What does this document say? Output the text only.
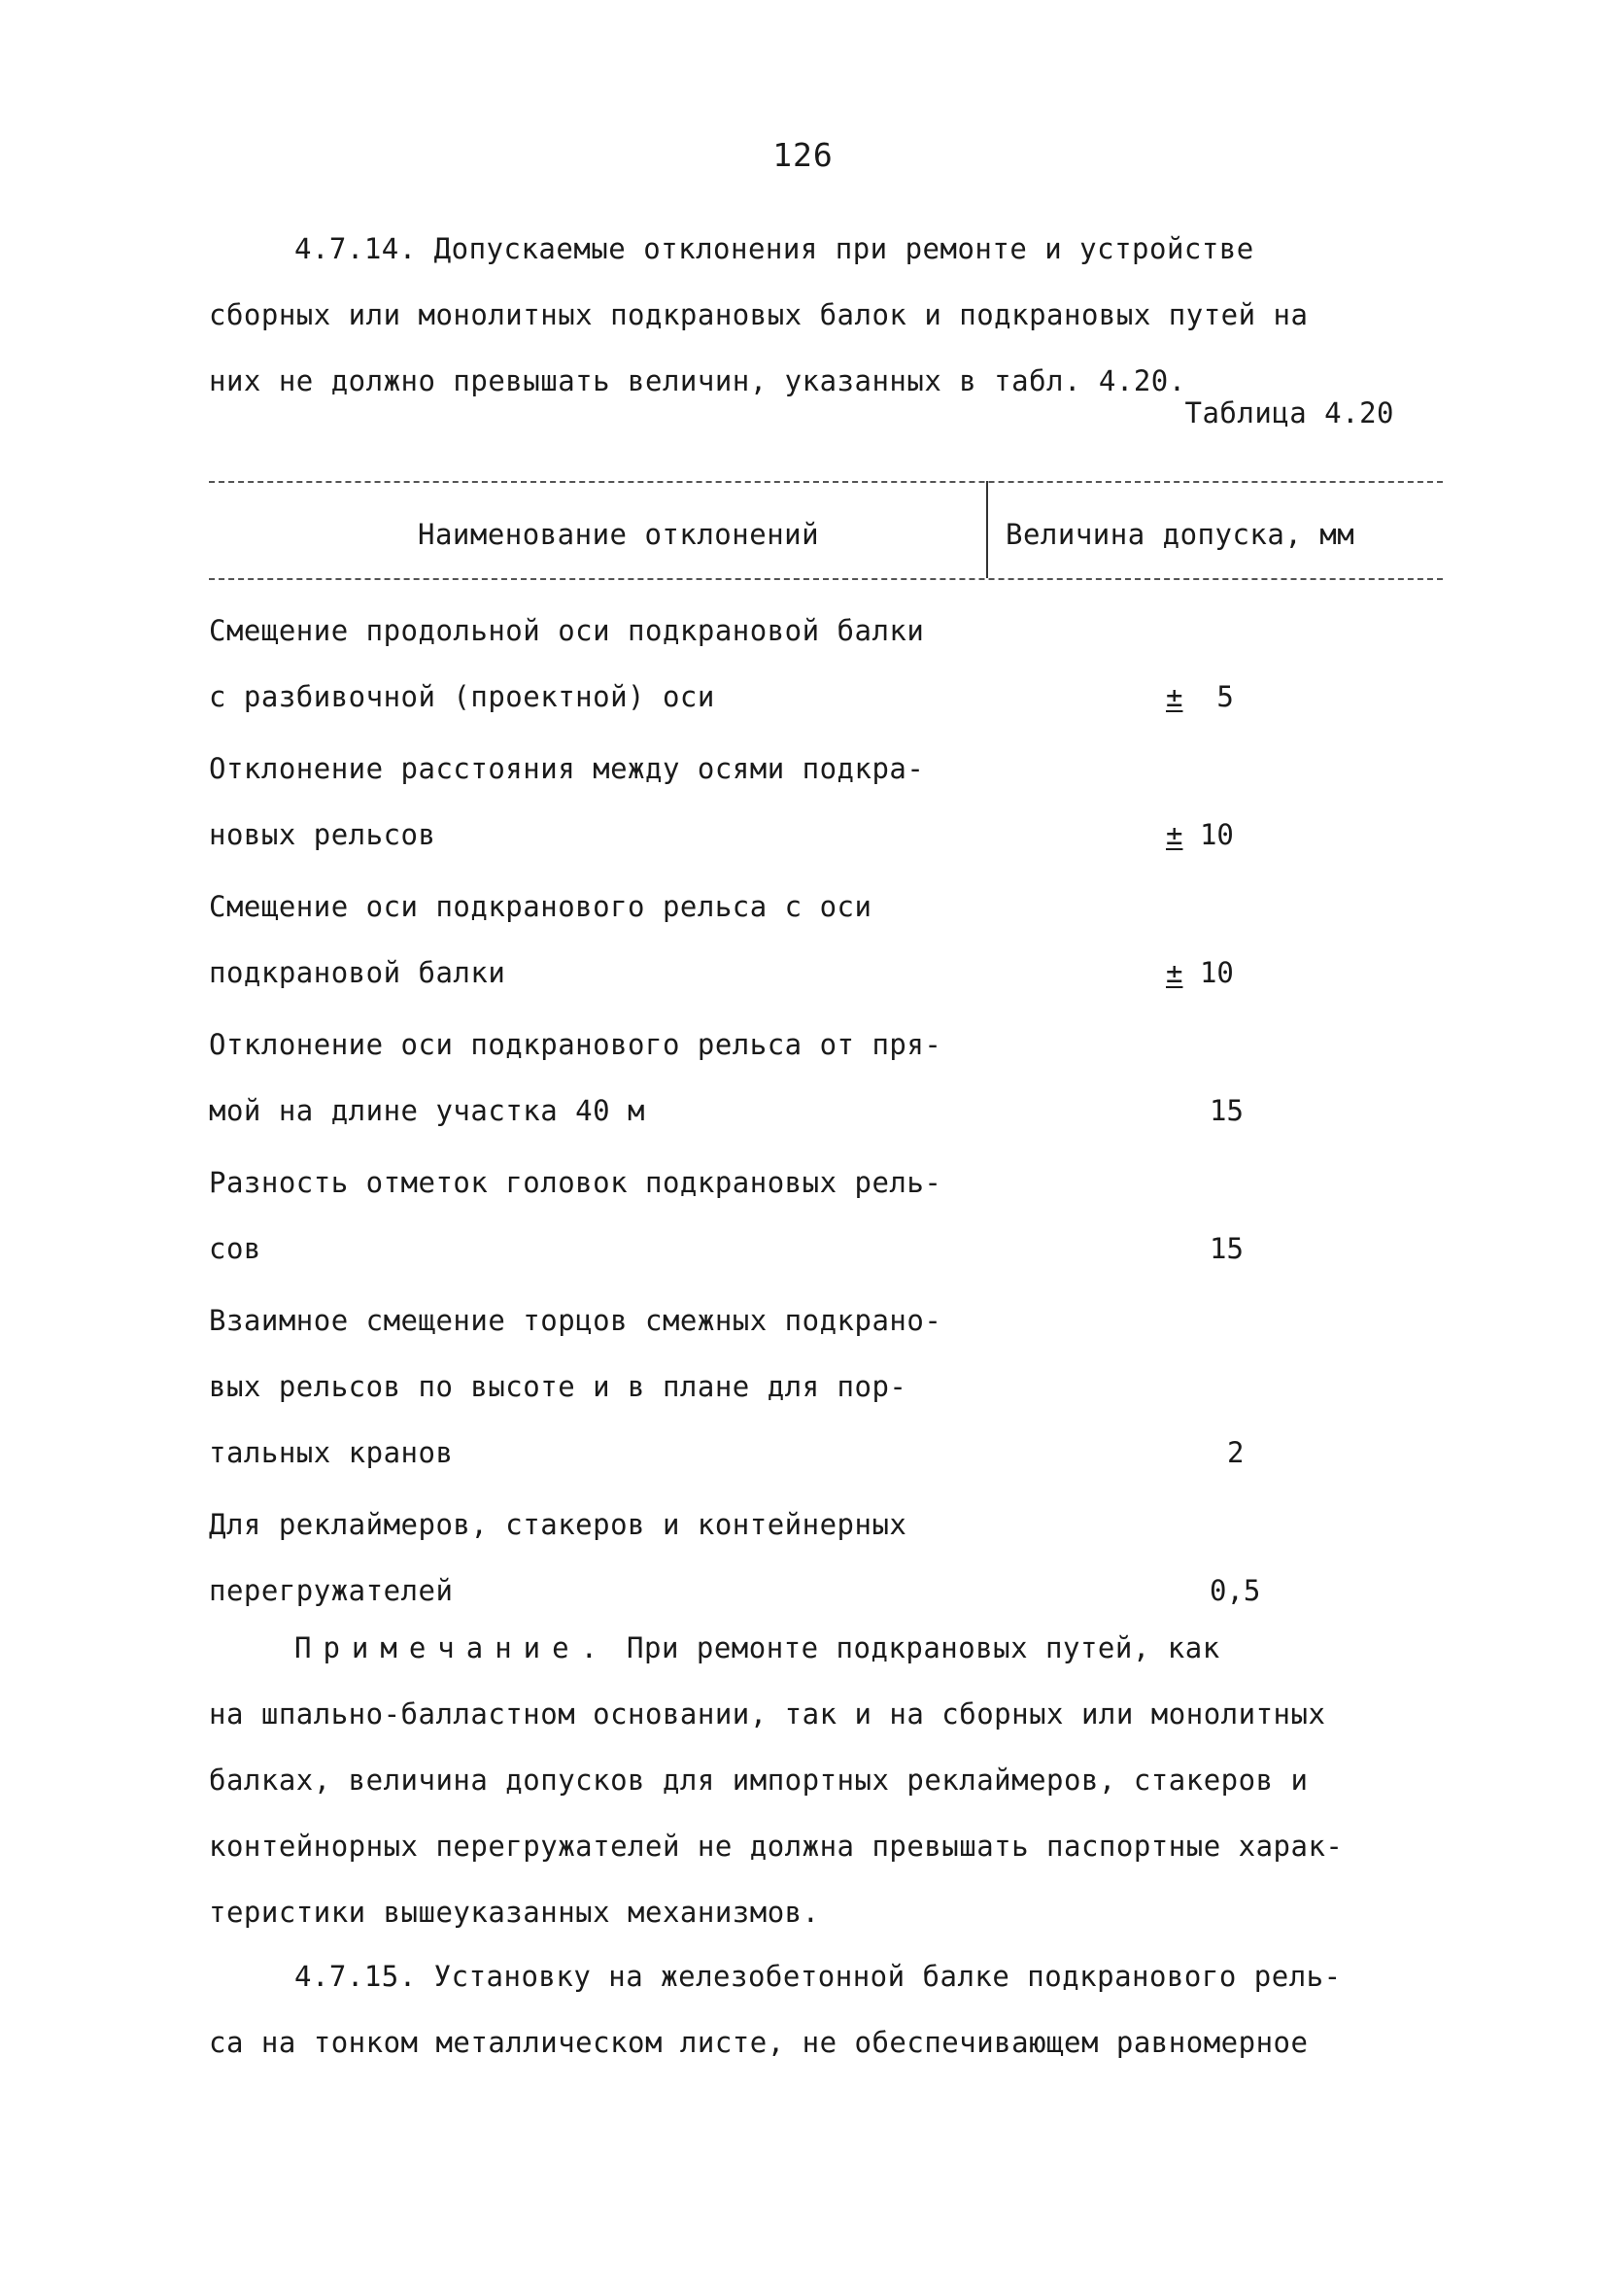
126
4.7.14. Допускаемые отклонения при ремонте и устройстве
сборных или монолитных подкрановых балок и подкрановых путей на
них не должно превышать величин, указанных в табл. 4.20.
Таблица 4.20
Наименование отклонений	Величина допуска, мм
Смещение продольной оси подкрановой балки
с разбивочной (проектной) оси	± 5
Отклонение расстояния между осями подкра-
новых рельсов	± 10
Смещение оси подкранового рельса с оси
подкрановой балки	± 10
Отклонение оси подкранового рельса от пря-
мой на длине участка 40 м	15
Разность отметок головок подкрановых рель-
сов	15
Взаимное смещение торцов смежных подкрано-
вых рельсов по высоте и в плане для пор-
тальных кранов	2
Для реклаймеров, стакеров и контейнерных
перегружателей	0,5
Примечание. При ремонте подкрановых путей, как
на шпально-балластном основании, так и на сборных или монолитных
балках, величина допусков для импортных реклаймеров, стакеров и
контейнорных перегружателей не должна превышать паспортные харак-
теристики вышеуказанных механизмов.
4.7.15. Установку на железобетонной балке подкранового рель-
са на тонком металлическом листе, не обеспечивающем равномерное
